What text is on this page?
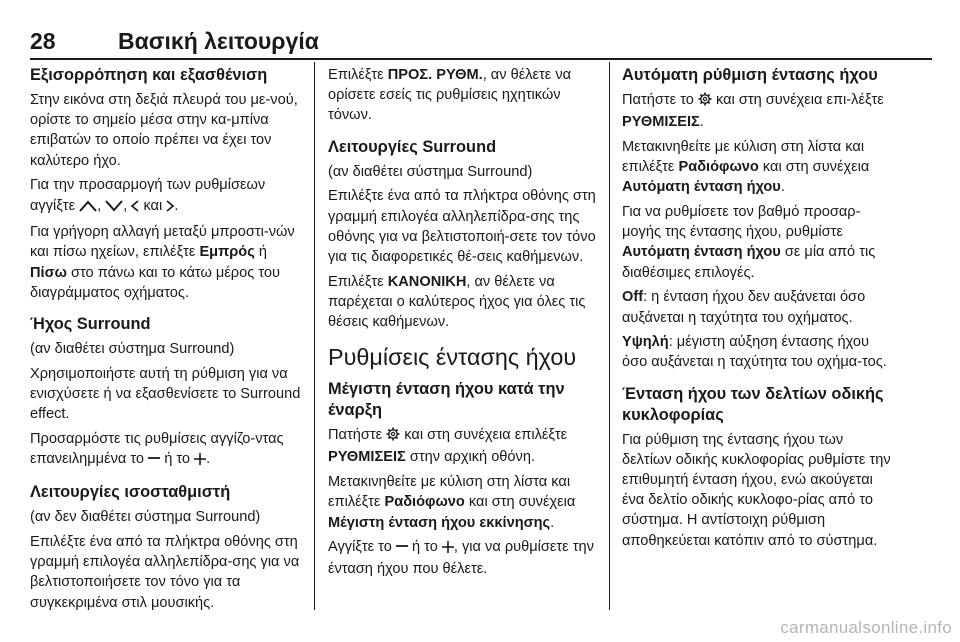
28	Βασική λειτουργία
Εξισορρόπηση και εξασθένιση

Στην εικόνα στη δεξιά πλευρά του με-νού, ορίστε το σημείο μέσα στην κα-μπίνα επιβατών το οποίο πρέπει να έχει τον καλύτερο ήχο.

Για την προσαρμογή των ρυθμίσεων αγγίξτε , ,  και .

Για γρήγορη αλλαγή μεταξύ μπροστι-νών και πίσω ηχείων, επιλέξτε Εμπρός ή Πίσω στο πάνω και το κάτω μέρος του διαγράμματος οχήματος.

Ήχος Surround

(αν διαθέτει σύστημα Surround)

Χρησιμοποιήστε αυτή τη ρύθμιση για να ενισχύσετε ή να εξασθενίσετε το Surround effect.

Προσαρμόστε τις ρυθμίσεις αγγίζο-ντας επανειλημμένα το ή το .

Λειτουργίες ισοσταθμιστή

(αν δεν διαθέτει σύστημα Surround)

Επιλέξτε ένα από τα πλήκτρα οθόνης στη γραμμή επιλογέα αλληλεπίδρα-σης για να βελτιστοποιήσετε τον τόνο για τα συγκεκριμένα στιλ μουσικής.

Επιλέξτε ΠΡΟΣ. ΡΥΘΜ., αν θέλετε να ορίσετε εσείς τις ρυθμίσεις ηχητικών τόνων.

Λειτουργίες Surround

(αν διαθέτει σύστημα Surround)

Επιλέξτε ένα από τα πλήκτρα οθόνης στη γραμμή επιλογέα αλληλεπίδρα-σης της οθόνης για να βελτιστοποιή-σετε τον τόνο για τις διαφορετικές θέ-σεις καθήμενων.

Επιλέξτε ΚΑΝΟΝΙΚΗ, αν θέλετε να παρέχεται ο καλύτερος ήχος για όλες τις θέσεις καθήμενων.

Ρυθμίσεις έντασης ήχου
Μέγιστη ένταση ήχου κατά την έναρξη

Πατήστε και στη συνέχεια επιλέξτε ΡΥΘΜΙΣΕΙΣ στην αρχική οθόνη.

Μετακινηθείτε με κύλιση στη λίστα και επιλέξτε Ραδιόφωνο και στη συνέχεια Μέγιστη ένταση ήχου εκκίνησης.

Αγγίξτε το ή το , για να ρυθμίσετε την ένταση ήχου που θέλετε.

Αυτόματη ρύθμιση έντασης ήχου

Πατήστε το και στη συνέχεια επι-λέξτε ΡΥΘΜΙΣΕΙΣ.

Μετακινηθείτε με κύλιση στη λίστα και επιλέξτε Ραδιόφωνο και στη συνέχεια Αυτόματη ένταση ήχου.

Για να ρυθμίσετε τον βαθμό προσαρ-μογής της έντασης ήχου, ρυθμίστε Αυτόματη ένταση ήχου σε μία από τις διαθέσιμες επιλογές.

Off: η ένταση ήχου δεν αυξάνεται όσο αυξάνεται η ταχύτητα του οχήματος.

Υψηλή: μέγιστη αύξηση έντασης ήχου όσο αυξάνεται η ταχύτητα του οχήμα-τος.

Ένταση ήχου των δελτίων οδικής κυκλοφορίας

Για ρύθμιση της έντασης ήχου των δελτίων οδικής κυκλοφορίας ρυθμίστε την επιθυμητή ένταση ήχου, ενώ ακούγεται ένα δελτίο οδικής κυκλοφο-ρίας από το σύστημα. Η αντίστοιχη ρύθμιση αποθηκεύεται κατόπιν από το σύστημα.

carmanualsonline.info
